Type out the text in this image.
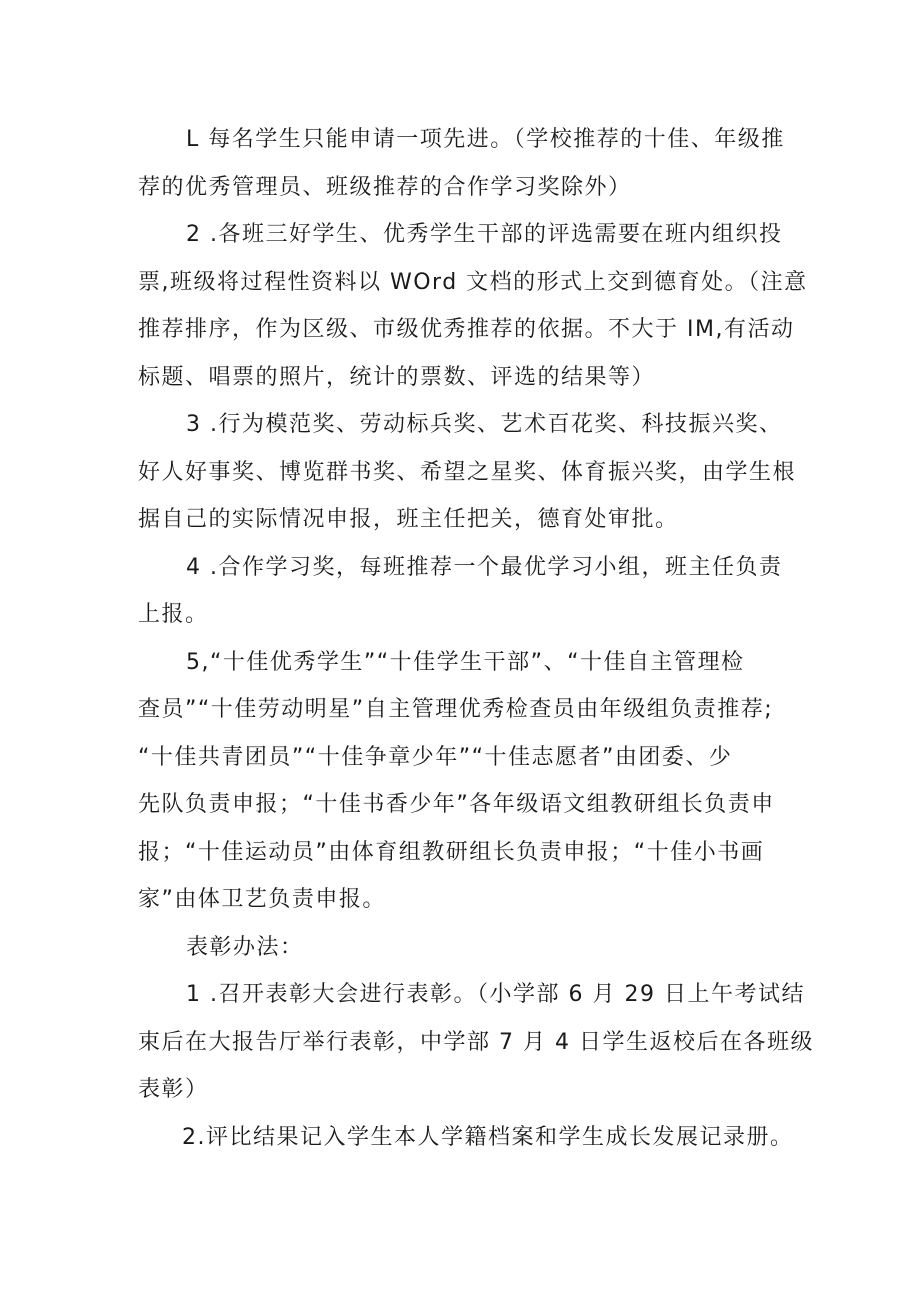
L 每名学生只能申请一项先进。（学校推荐的十佳、年级推
荐的优秀管理员、班级推荐的合作学习奖除外）
2 .各班三好学生、优秀学生干部的评选需要在班内组织投
票,班级将过程性资料以 WOrd 文档的形式上交到德育处。（注意
推荐排序，作为区级、市级优秀推荐的依据。不大于 IM,有活动
标题、唱票的照片，统计的票数、评选的结果等）
3 .行为模范奖、劳动标兵奖、艺术百花奖、科技振兴奖、
好人好事奖、博览群书奖、希望之星奖、体育振兴奖，由学生根
据自己的实际情况申报，班主任把关，德育处审批。
4 .合作学习奖，每班推荐一个最优学习小组，班主任负责
上报。
5,“十佳优秀学生”“十佳学生干部”、“十佳自主管理检
查员”“十佳劳动明星”自主管理优秀检查员由年级组负责推荐;
“十佳共青团员”“十佳争章少年”“十佳志愿者”由团委、少
先队负责申报；“十佳书香少年”各年级语文组教研组长负责申
报；“十佳运动员”由体育组教研组长负责申报；“十佳小书画
家”由体卫艺负责申报。
表彰办法：
1 .召开表彰大会进行表彰。（小学部 6 月 29 日上午考试结
束后在大报告厅举行表彰，中学部 7 月 4 日学生返校后在各班级
表彰）
2.评比结果记入学生本人学籍档案和学生成长发展记录册。
